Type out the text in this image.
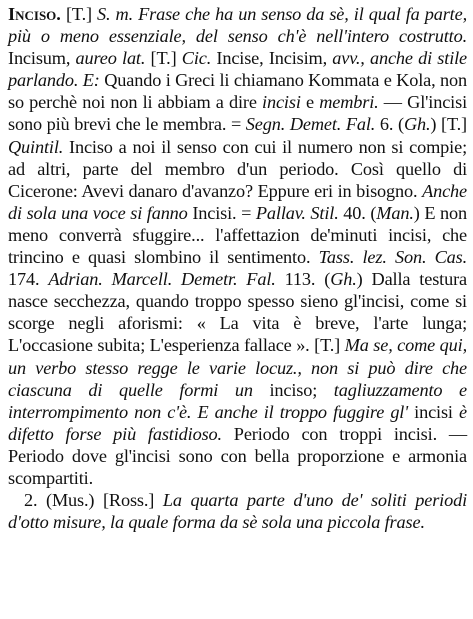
Inciso. [T.] S. m. Frase che ha un senso da sè, il qual fa parte, più o meno essenziale, del senso ch'è nell'intero costrutto. Incisum, aureo lat. [T.] Cic. Incise, Incisim, avv., anche di stile parlando. E: Quando i Greci li chiamano Kommata e Kola, non so perchè noi non li abbiam a dire incisi e membri. — Gl'incisi sono più brevi che le membra. = Segn. Demet. Fal. 6. (Gh.) [T.] Quintil. Inciso a noi il senso con cui il numero non si compie; ad altri, parte del membro d'un periodo. Così quello di Cicerone: Avevi danaro d'avanzo? Eppure eri in bisogno. Anche di sola una voce si fanno Incisi. = Pallav. Stil. 40. (Man.) E non meno converrà sfuggire... l'affettazion de'minuti incisi, che trincino e quasi slombino il sentimento. Tass. lez. Son. Cas. 174. Adrian. Marcell. Demetr. Fal. 113. (Gh.) Dalla testura nasce secchezza, quando troppo spesso sieno gl'incisi, come si scorge negli aforismi: « La vita è breve, l'arte lunga; L'occasione subita; L'esperienza fallace ». [T.] Ma se, come qui, un verbo stesso regge le varie locuz., non si può dire che ciascuna di quelle formi un inciso; tagliuzzamento e interrompimento non c'è. E anche il troppo fuggire gl' incisi è difetto forse più fastidioso. Periodo con troppi incisi. — Periodo dove gl'incisi sono con bella proporzione e armonia scompartiti.

2. (Mus.) [Ross.] La quarta parte d'uno de' soliti periodi d'otto misure, la quale forma da sè sola una piccola frase.
